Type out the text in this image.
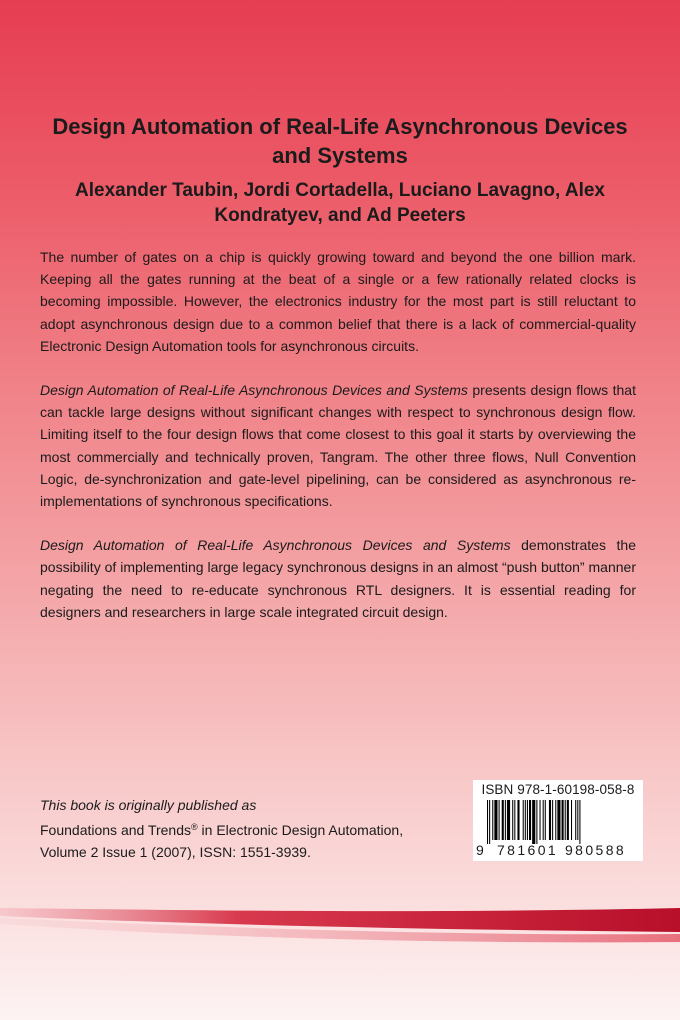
Design Automation of Real-Life Asynchronous Devices and Systems
Alexander Taubin, Jordi Cortadella, Luciano Lavagno, Alex Kondratyev, and Ad Peeters

The number of gates on a chip is quickly growing toward and beyond the one billion mark. Keeping all the gates running at the beat of a single or a few rationally related clocks is becoming impossible. However, the electronics industry for the most part is still reluctant to adopt asynchronous design due to a common belief that there is a lack of commercial-quality Electronic Design Automation tools for asynchronous circuits.

Design Automation of Real-Life Asynchronous Devices and Systems presents design flows that can tackle large designs without significant changes with respect to synchronous design flow. Limiting itself to the four design flows that come closest to this goal it starts by overviewing the most commercially and technically proven, Tangram. The other three flows, Null Convention Logic, de-synchronization and gate-level pipelining, can be considered as asynchronous re-implementations of synchronous specifications.

Design Automation of Real-Life Asynchronous Devices and Systems demonstrates the possibility of implementing large legacy synchronous designs in an almost “push button” manner negating the need to re-educate synchronous RTL designers. It is essential reading for designers and researchers in large scale integrated circuit design.

This book is originally published as
Foundations and Trends® in Electronic Design Automation,
Volume 2 Issue 1 (2007), ISSN: 1551-3939.
ISBN 978-1-60198-058-8
9 781601 980588
